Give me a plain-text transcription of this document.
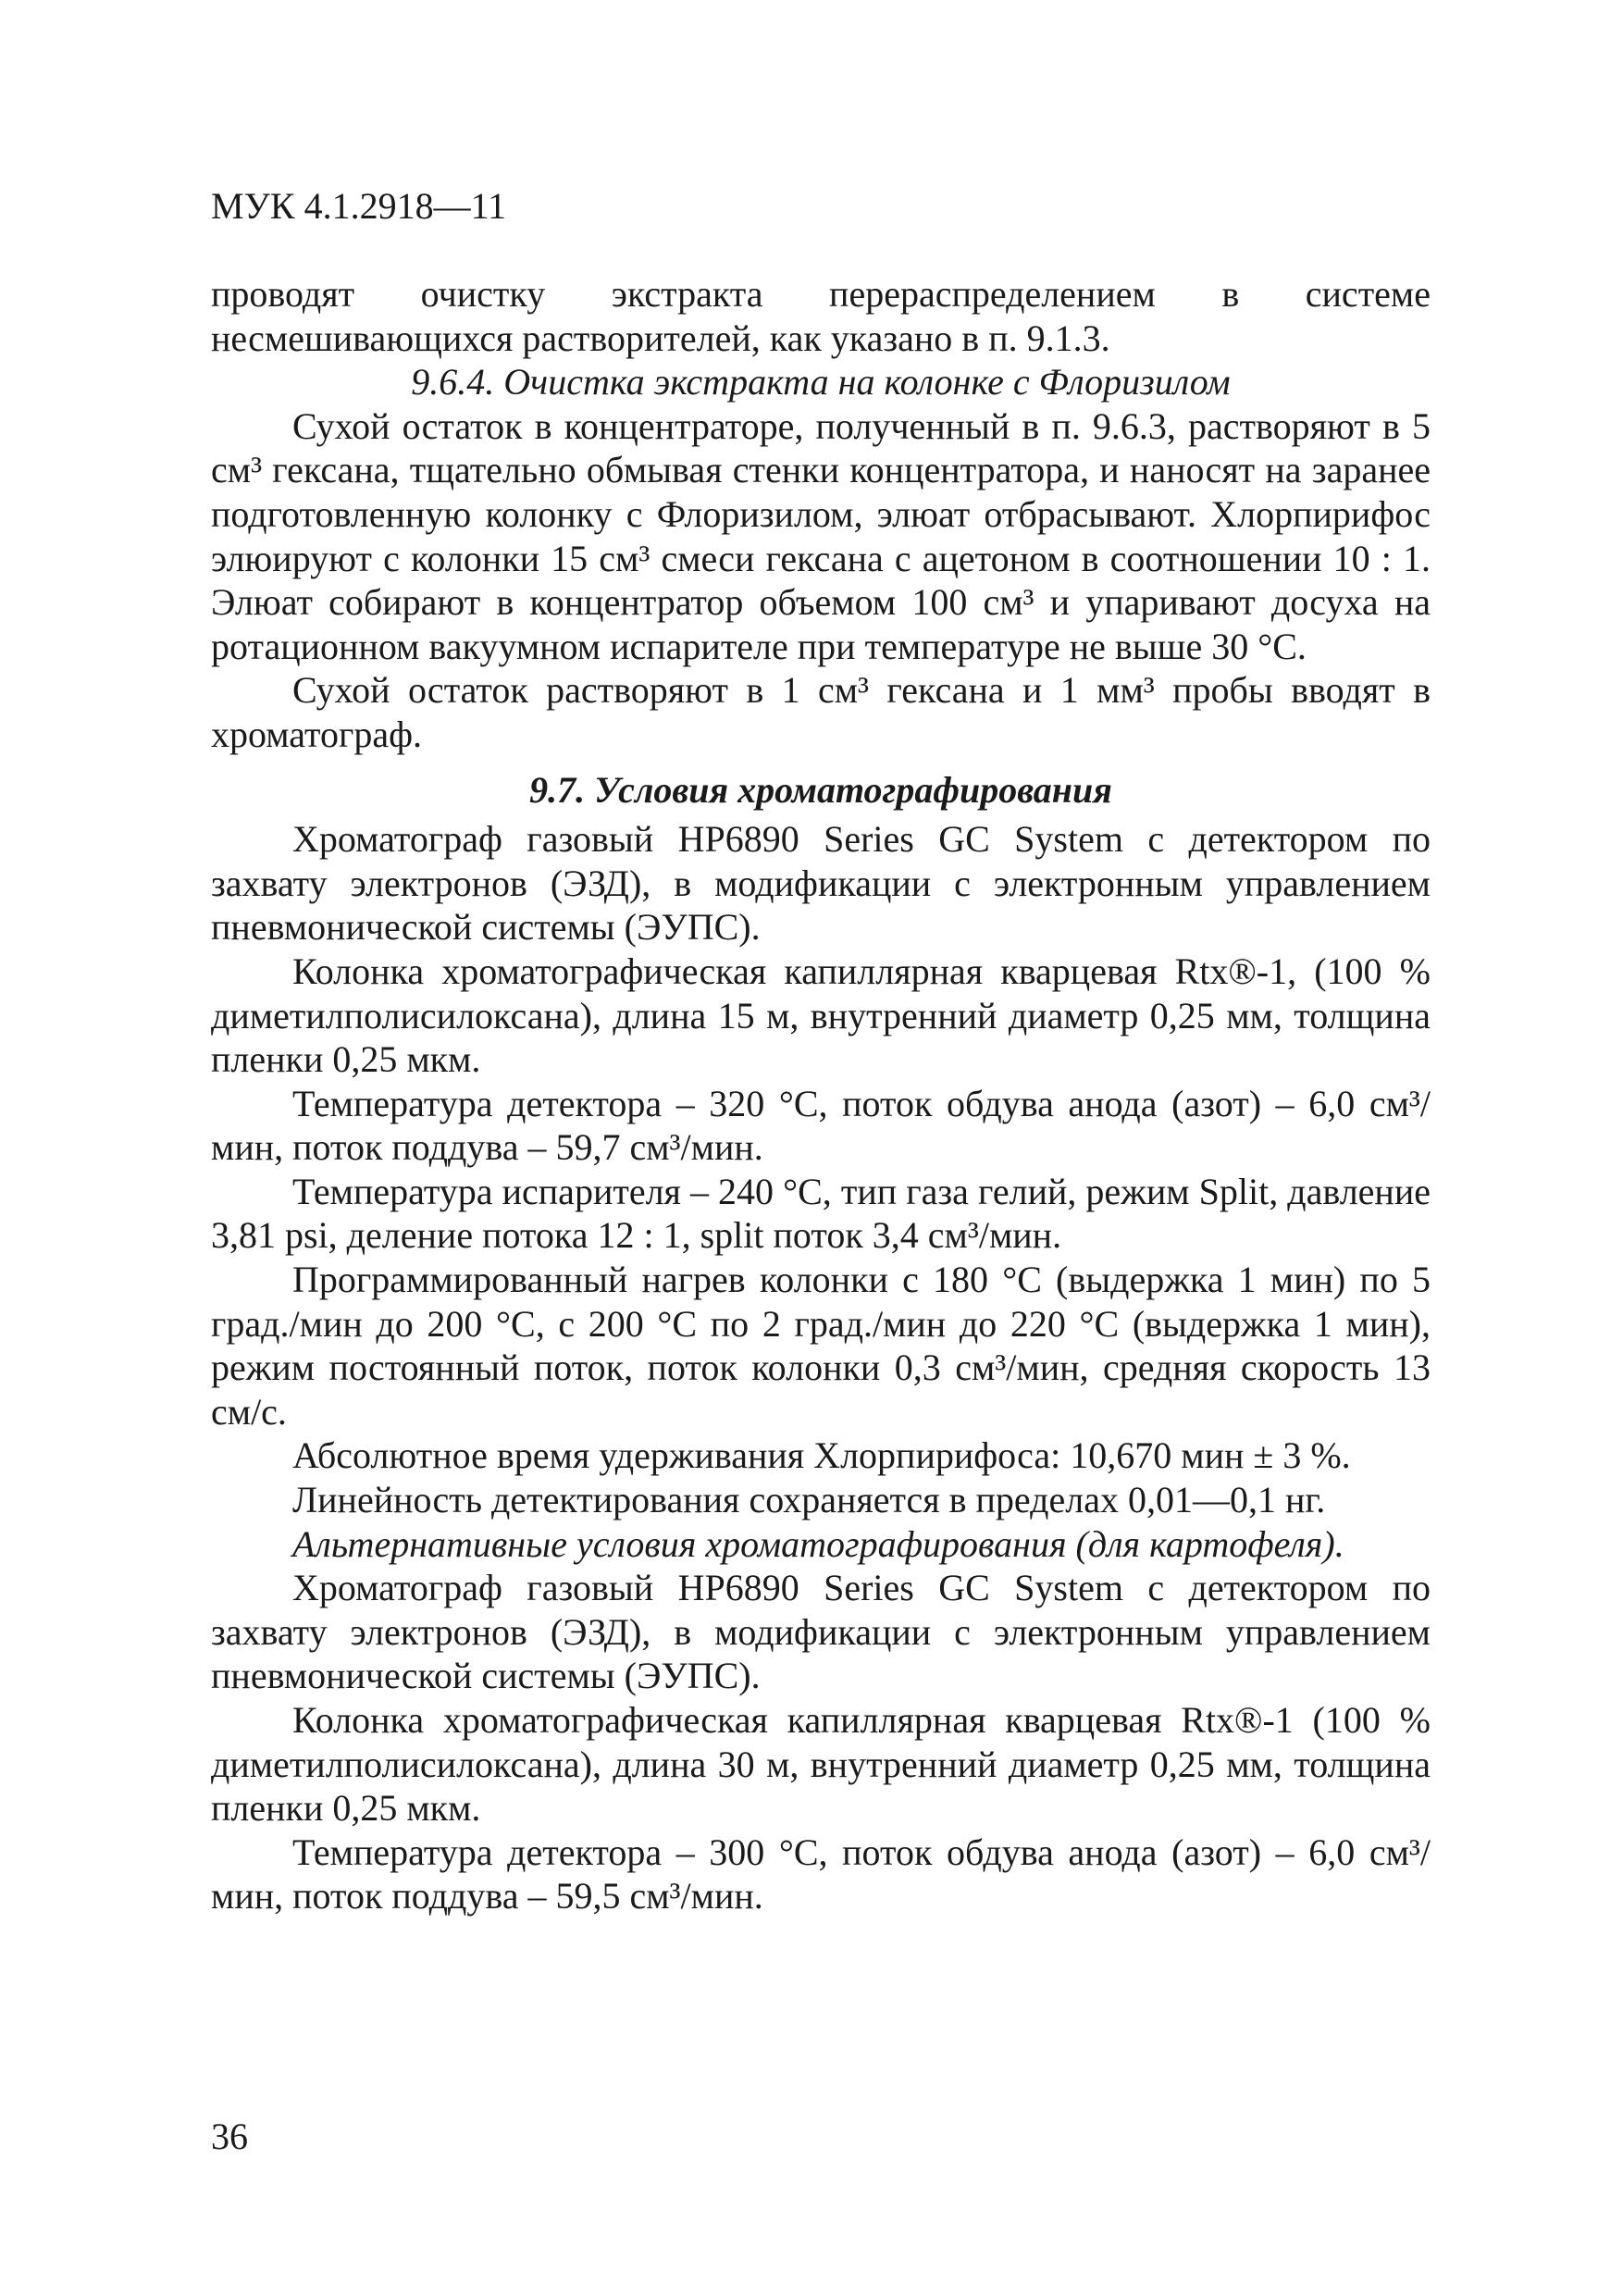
МУК 4.1.2918—11

проводят очистку экстракта перераспределением в системе несмешивающихся растворителей, как указано в п. 9.1.3.

9.6.4. Очистка экстракта на колонке с Флоризилом

Сухой остаток в концентраторе, полученный в п. 9.6.3, растворяют в 5 см³ гексана, тщательно обмывая стенки концентратора, и наносят на заранее подготовленную колонку с Флоризилом, элюат отбрасывают. Хлорпирифос элюируют с колонки 15 см³ смеси гексана с ацетоном в соотношении 10 : 1. Элюат собирают в концентратор объемом 100 см³ и упаривают досуха на ротационном вакуумном испарителе при температуре не выше 30 °С.

Сухой остаток растворяют в 1 см³ гексана и 1 мм³ пробы вводят в хроматограф.

9.7. Условия хроматографирования

Хроматограф газовый HP6890 Series GC System с детектором по захвату электронов (ЭЗД), в модификации с электронным управлением пневмонической системы (ЭУПС).

Колонка хроматографическая капиллярная кварцевая Rtx®-1, (100 % диметилполисилоксана), длина 15 м, внутренний диаметр 0,25 мм, толщина пленки 0,25 мкм.

Температура детектора – 320 °С, поток обдува анода (азот) – 6,0 см³/мин, поток поддува – 59,7 см³/мин.

Температура испарителя – 240 °С, тип газа гелий, режим Split, давление 3,81 psi, деление потока 12 : 1, split поток 3,4 см³/мин.

Программированный нагрев колонки с 180 °С (выдержка 1 мин) по 5 град./мин до 200 °С, с 200 °С по 2 град./мин до 220 °С (выдержка 1 мин), режим постоянный поток, поток колонки 0,3 см³/мин, средняя скорость 13 см/с.

Абсолютное время удерживания Хлорпирифоса: 10,670 мин ± 3 %.

Линейность детектирования сохраняется в пределах 0,01—0,1 нг.

Альтернативные условия хроматографирования (для картофеля).

Хроматограф газовый HP6890 Series GC System с детектором по захвату электронов (ЭЗД), в модификации с электронным управлением пневмонической системы (ЭУПС).

Колонка хроматографическая капиллярная кварцевая Rtx®-1 (100 % диметилполисилоксана), длина 30 м, внутренний диаметр 0,25 мм, толщина пленки 0,25 мкм.

Температура детектора – 300 °С, поток обдува анода (азот) – 6,0 см³/мин, поток поддува – 59,5 см³/мин.

36
